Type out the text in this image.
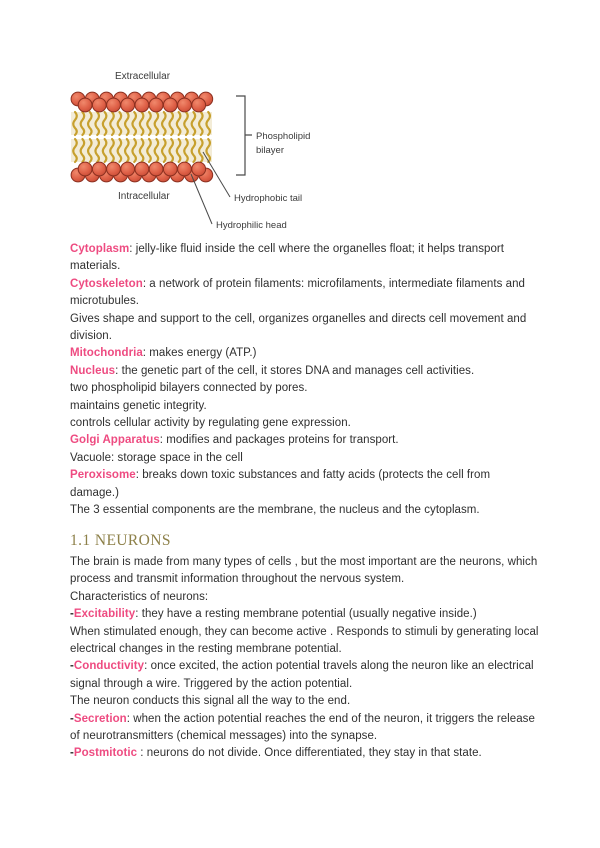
Extracellular
Intracellular
Phospholipid
bilayer
Hydrophobic tail
Hydrophilic head

Cytoplasm: jelly-like fluid inside the cell where the organelles float; it helps transport materials.

Cytoskeleton: a network of protein filaments: microfilaments, intermediate filaments and microtubules.

Gives shape and support to the cell, organizes organelles and directs cell movement and division.

Mitochondria: makes energy (ATP.)

Nucleus: the genetic part of the cell, it stores DNA and manages cell activities.

two phospholipid bilayers connected by pores.

maintains genetic integrity.

controls cellular activity by regulating gene expression.

Golgi Apparatus: modifies and packages proteins for transport.

Vacuole: storage space in the cell

Peroxisome: breaks down toxic substances and fatty acids (protects the cell from damage.)

The 3 essential components are the membrane, the nucleus and the cytoplasm.

1.1 NEURONS

The brain is made from many types of cells , but the most important are the neurons, which process and transmit information throughout the nervous system.

Characteristics of neurons:

-Excitability: they have a resting membrane potential (usually negative inside.)

When stimulated enough, they can become active . Responds to stimuli by generating local electrical changes in the resting membrane potential.

-Conductivity: once excited, the action potential travels along the neuron like an electrical signal through a wire. Triggered by the action potential.

The neuron conducts this signal all the way to the end.

-Secretion: when the action potential reaches the end of the neuron, it triggers the release of neurotransmitters (chemical messages) into the synapse.

-Postmitotic : neurons do not divide. Once differentiated, they stay in that state.
